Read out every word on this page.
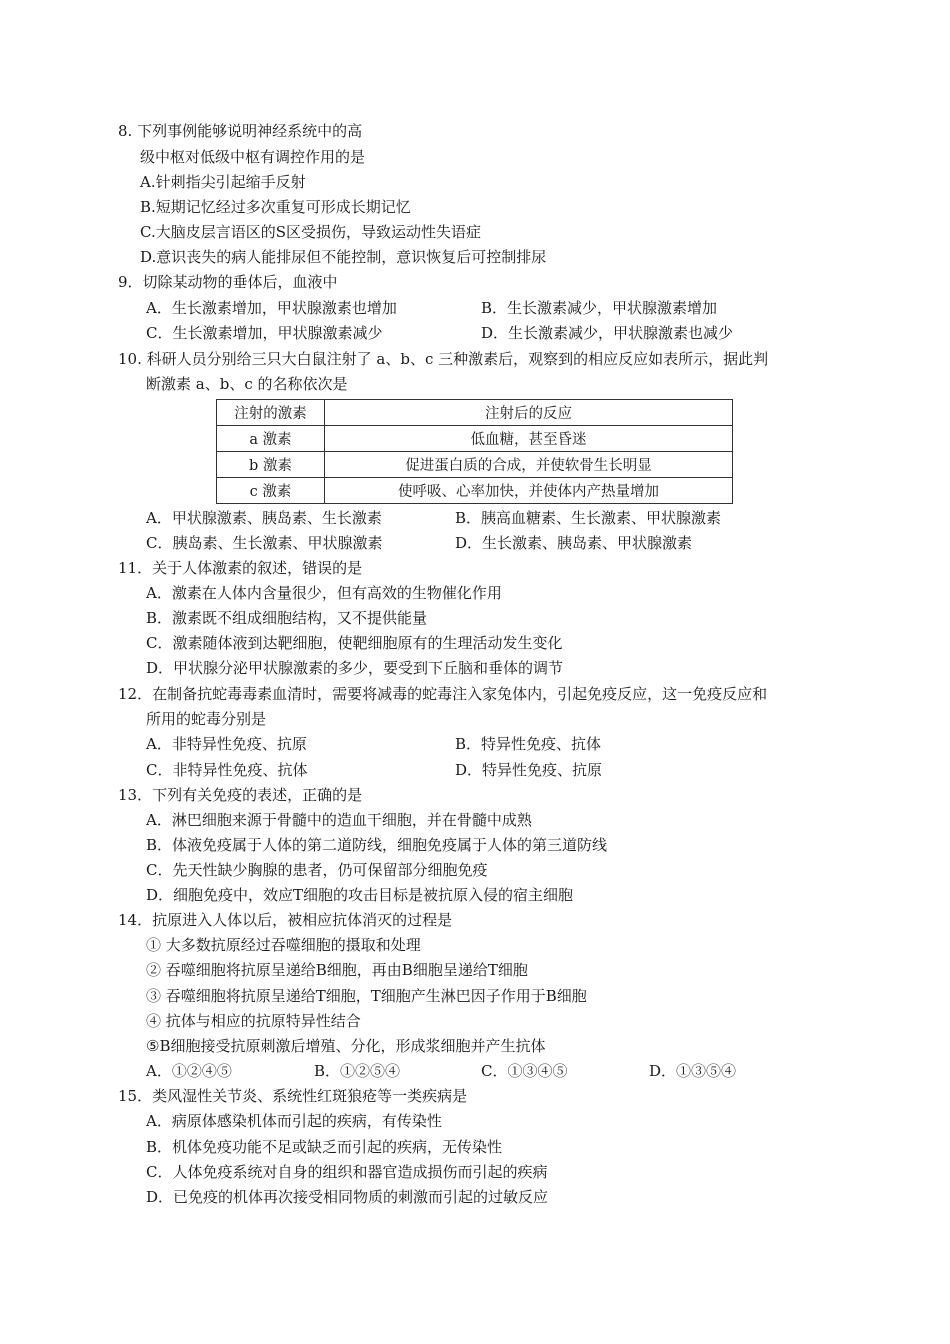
8. 下列事例能够说明神经系统中的高
级中枢对低级中枢有调控作用的是
A.针刺指尖引起缩手反射
B.短期记忆经过多次重复可形成长期记忆
C.大脑皮层言语区的S区受损伤，导致运动性失语症
D.意识丧失的病人能排尿但不能控制，意识恢复后可控制排尿
9．切除某动物的垂体后，血液中
A．生长激素增加，甲状腺激素也增加	B．生长激素减少，甲状腺激素增加
C．生长激素增加，甲状腺激素减少	D．生长激素减少，甲状腺激素也减少
10. 科研人员分别给三只大白鼠注射了 a、b、c 三种激素后，观察到的相应反应如表所示，据此判
断激素 a、b、c 的名称依次是
注射的激素	注射后的反应
a 激素	低血糖，甚至昏迷
b 激素	促进蛋白质的合成，并使软骨生长明显
c 激素	使呼吸、心率加快，并使体内产热量增加
A．甲状腺激素、胰岛素、生长激素	B．胰高血糖素、生长激素、甲状腺激素
C．胰岛素、生长激素、甲状腺激素	D．生长激素、胰岛素、甲状腺激素
11．关于人体激素的叙述，错误的是
A．激素在人体内含量很少，但有高效的生物催化作用
B．激素既不组成细胞结构，又不提供能量
C．激素随体液到达靶细胞，使靶细胞原有的生理活动发生变化
D．甲状腺分泌甲状腺激素的多少，要受到下丘脑和垂体的调节
12．在制备抗蛇毒毒素血清时，需要将减毒的蛇毒注入家兔体内，引起免疫反应，这一免疫反应和
所用的蛇毒分别是
A．非特异性免疫、抗原	B．特异性免疫、抗体
C．非特异性免疫、抗体	D．特异性免疫、抗原
13．下列有关免疫的表述，正确的是
A．淋巴细胞来源于骨髓中的造血干细胞，并在骨髓中成熟
B．体液免疫属于人体的第二道防线，细胞免疫属于人体的第三道防线
C．先天性缺少胸腺的患者，仍可保留部分细胞免疫
D．细胞免疫中，效应T细胞的攻击目标是被抗原入侵的宿主细胞
14．抗原进入人体以后，被相应抗体消灭的过程是
① 大多数抗原经过吞噬细胞的摄取和处理
② 吞噬细胞将抗原呈递给B细胞，再由B细胞呈递给T细胞
③ 吞噬细胞将抗原呈递给T细胞，T细胞产生淋巴因子作用于B细胞
④ 抗体与相应的抗原特异性结合
⑤B细胞接受抗原刺激后增殖、分化，形成浆细胞并产生抗体
A．①②④⑤	B．①②⑤④	C．①③④⑤	D．①③⑤④
15．类风湿性关节炎、系统性红斑狼疮等一类疾病是
A．病原体感染机体而引起的疾病，有传染性
B．机体免疫功能不足或缺乏而引起的疾病，无传染性
C．人体免疫系统对自身的组织和器官造成损伤而引起的疾病
D．已免疫的机体再次接受相同物质的刺激而引起的过敏反应
